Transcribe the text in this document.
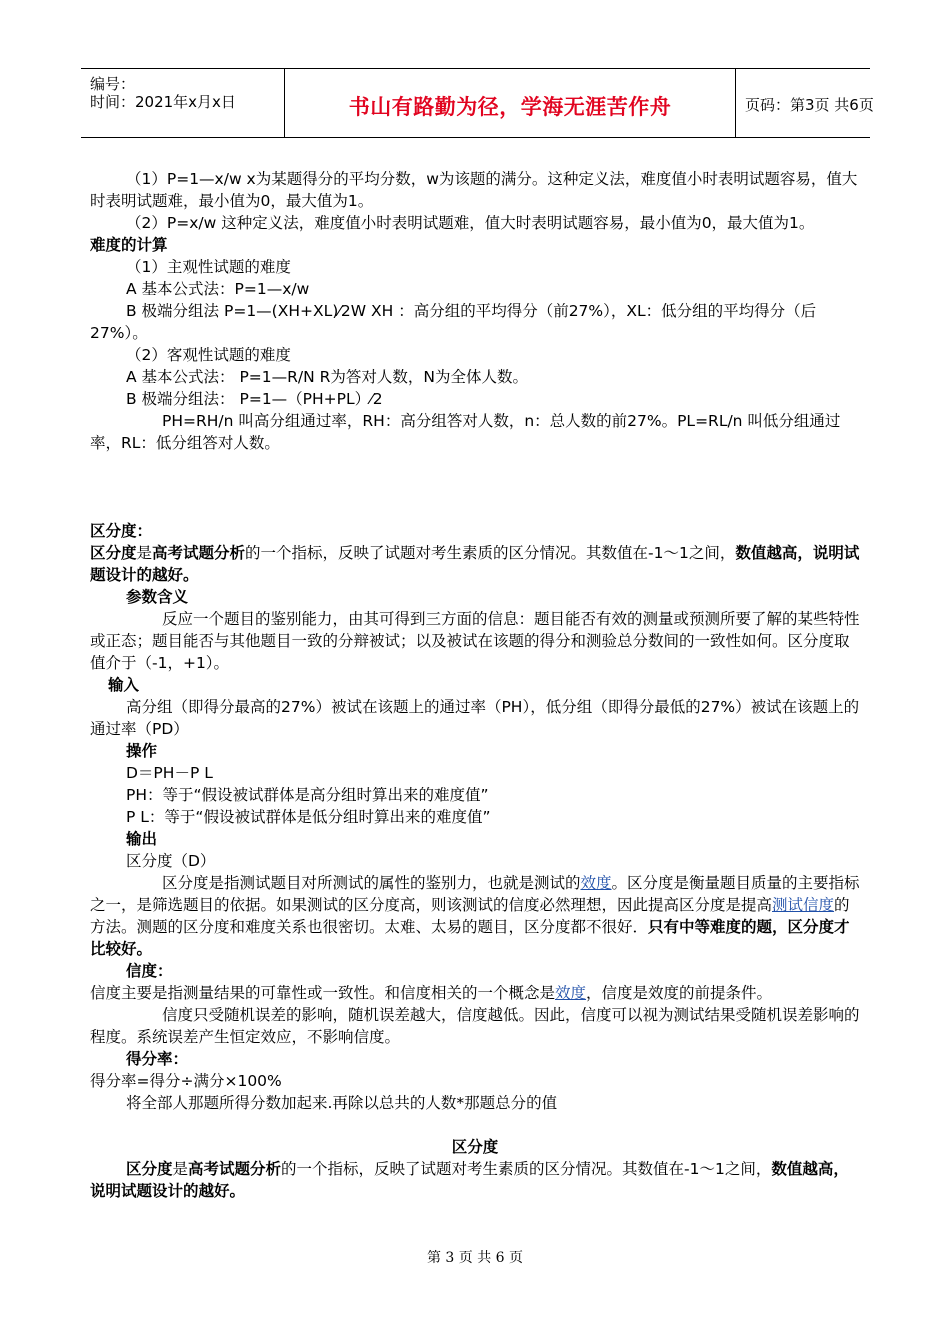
编号：
时间：2021年x月x日	书山有路勤为径，学海无涯苦作舟	页码：第3页 共6页

（1）P=1—x/w x为某题得分的平均分数，w为该题的满分。这种定义法，难度值小时表明试题容易，值大时表明试题难，最小值为0，最大值为1。

（2）P=x/w 这种定义法，难度值小时表明试题难，值大时表明试题容易，最小值为0，最大值为1。

难度的计算

（1）主观性试题的难度

A 基本公式法：P=1—x/w

B 极端分组法 P=1—(XH+XL)⁄2W XH ：高分组的平均得分（前27%），XL：低分组的平均得分（后27%）。

（2）客观性试题的难度

A 基本公式法： P=1—R/N R为答对人数，N为全体人数。

B 极端分组法： P=1—（PH+PL）⁄2

PH=RH/n 叫高分组通过率，RH：高分组答对人数，n：总人数的前27%。PL=RL/n 叫低分组通过率，RL：低分组答对人数。

区分度：

区分度是高考试题分析的一个指标，反映了试题对考生素质的区分情况。其数值在-1～1之间，数值越高，说明试题设计的越好。

参数含义

反应一个题目的鉴别能力，由其可得到三方面的信息：题目能否有效的测量或预测所要了解的某些特性或正态；题目能否与其他题目一致的分辩被试；以及被试在该题的得分和测验总分数间的一致性如何。区分度取值介于（-1，+1）。

输入

高分组（即得分最高的27%）被试在该题上的通过率（PH），低分组（即得分最低的27%）被试在该题上的通过率（PD）

操作

D＝PH－P L

PH：等于“假设被试群体是高分组时算出来的难度值”

P L：等于“假设被试群体是低分组时算出来的难度值”

输出

区分度（D）

区分度是指测试题目对所测试的属性的鉴别力，也就是测试的效度。区分度是衡量题目质量的主要指标之一，是筛选题目的依据。如果测试的区分度高，则该测试的信度必然理想，因此提高区分度是提高测试信度的方法。测题的区分度和难度关系也很密切。太难、太易的题目，区分度都不很好．只有中等难度的题，区分度才比较好。

信度：

信度主要是指测量结果的可靠性或一致性。和信度相关的一个概念是效度，信度是效度的前提条件。

信度只受随机误差的影响，随机误差越大，信度越低。因此，信度可以视为测试结果受随机误差影响的程度。系统误差产生恒定效应，不影响信度。

得分率：

得分率=得分÷满分×100%

将全部人那题所得分数加起来.再除以总共的人数*那题总分的值

区分度

区分度是高考试题分析的一个指标，反映了试题对考生素质的区分情况。其数值在-1～1之间，数值越高，说明试题设计的越好。

第 3 页 共 6 页
